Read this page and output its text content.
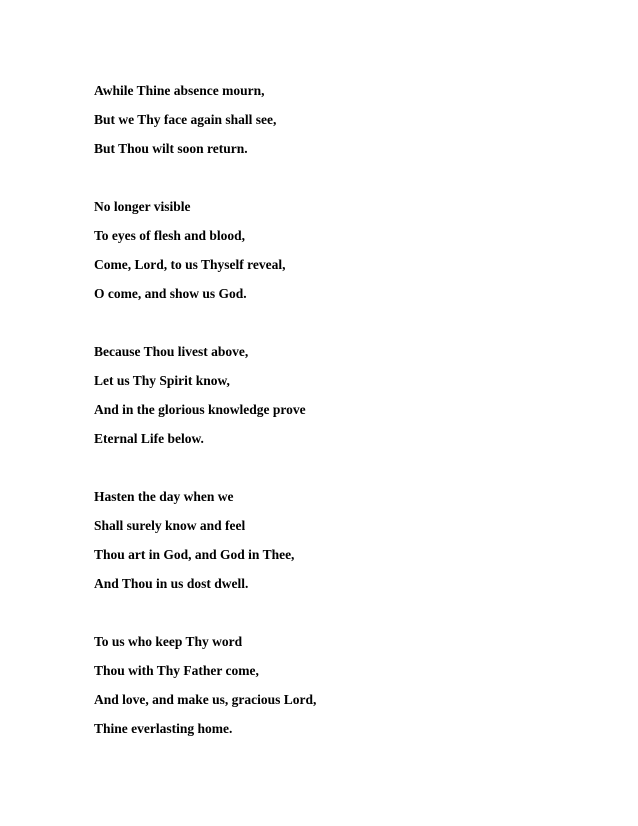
Awhile Thine absence mourn,
But we Thy face again shall see,
But Thou wilt soon return.
No longer visible
To eyes of flesh and blood,
Come, Lord, to us Thyself reveal,
O come, and show us God.
Because Thou livest above,
Let us Thy Spirit know,
And in the glorious knowledge prove
Eternal Life below.
Hasten the day when we
Shall surely know and feel
Thou art in God, and God in Thee,
And Thou in us dost dwell.
To us who keep Thy word
Thou with Thy Father come,
And love, and make us, gracious Lord,
Thine everlasting home.
